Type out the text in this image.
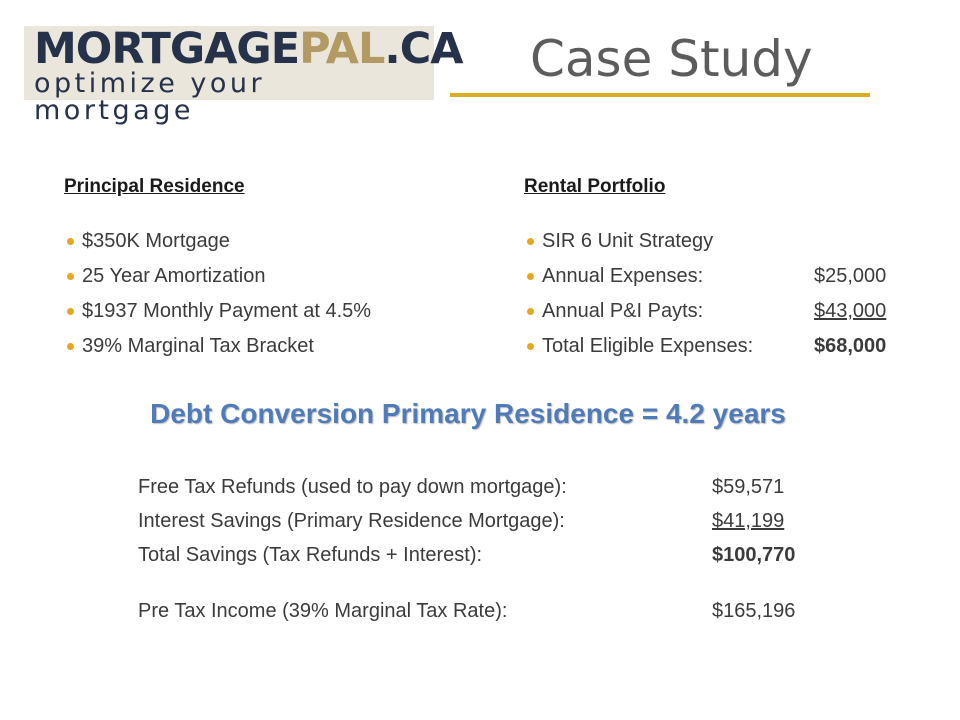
MORTGAGEPAL.CA
optimize your mortgage
Case Study
Principal Residence
$350K Mortgage
25 Year Amortization
$1937 Monthly Payment at 4.5%
39% Marginal Tax Bracket
Rental Portfolio
SIR 6 Unit Strategy
Annual Expenses:	$25,000
Annual P&I Payts:	$43,000
Total Eligible Expenses:	$68,000
Debt Conversion Primary Residence = 4.2 years
Free Tax Refunds (used to pay down mortgage):	$59,571
Interest Savings (Primary Residence Mortgage):	$41,199
Total Savings (Tax Refunds + Interest):	$100,770
Pre Tax Income (39% Marginal Tax Rate):	$165,196
